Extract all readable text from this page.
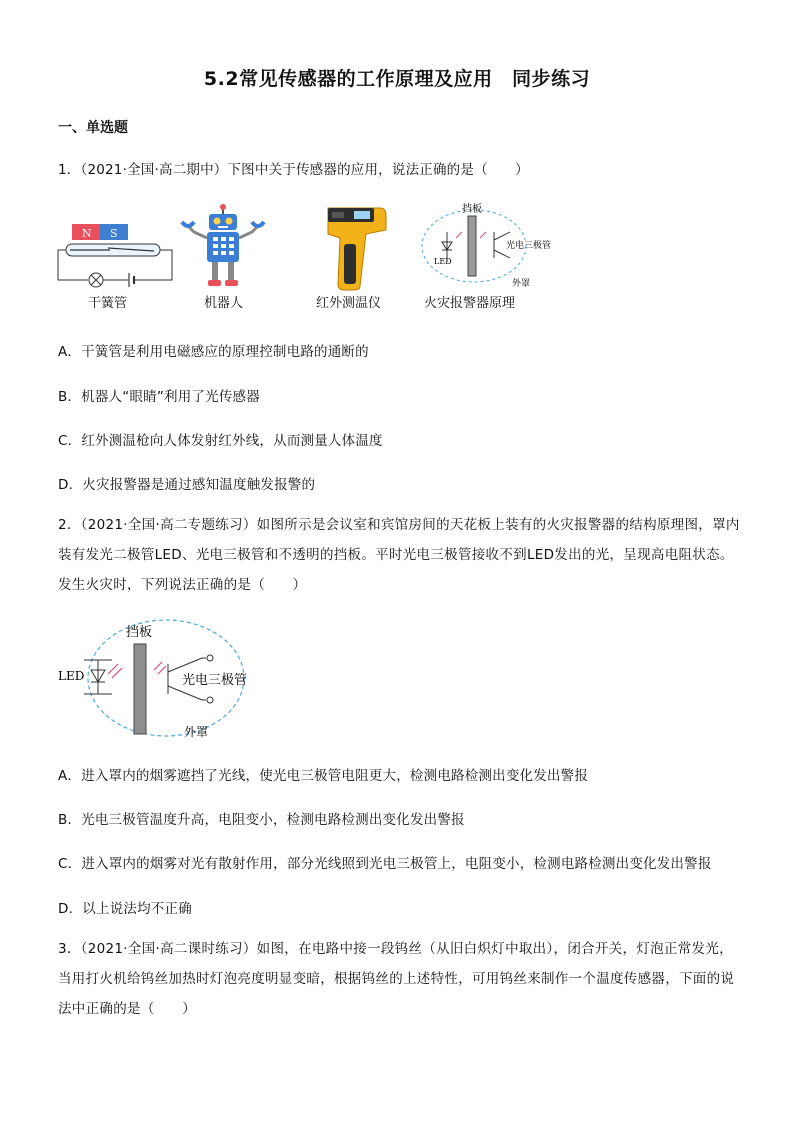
5.2常见传感器的工作原理及应用　同步练习
一、单选题
1．（2021·全国·高二期中）下图中关于传感器的应用，说法正确的是（　　）
N S
干簧管	机器人	红外测温仪
挡板
LED
光电三极管
外罩
火灾报警器原理
A．干簧管是利用电磁感应的原理控制电路的通断的
B．机器人“眼睛”利用了光传感器
C．红外测温枪向人体发射红外线，从而测量人体温度
D．火灾报警器是通过感知温度触发报警的
2．（2021·全国·高二专题练习）如图所示是会议室和宾馆房间的天花板上装有的火灾报警器的结构原理图，罩内装有发光二极管LED、光电三极管和不透明的挡板。平时光电三极管接收不到LED发出的光，呈现高电阻状态。发生火灾时，下列说法正确的是（　　）
挡板
LED	光电三极管
外罩
A．进入罩内的烟雾遮挡了光线，使光电三极管电阻更大，检测电路检测出变化发出警报
B．光电三极管温度升高，电阻变小，检测电路检测出变化发出警报
C．进入罩内的烟雾对光有散射作用，部分光线照到光电三极管上，电阻变小，检测电路检测出变化发出警报
D．以上说法均不正确
3．（2021·全国·高二课时练习）如图，在电路中接一段钨丝（从旧白炽灯中取出），闭合开关，灯泡正常发光，当用打火机给钨丝加热时灯泡亮度明显变暗，根据钨丝的上述特性，可用钨丝来制作一个温度传感器，下面的说法中正确的是（　　）
